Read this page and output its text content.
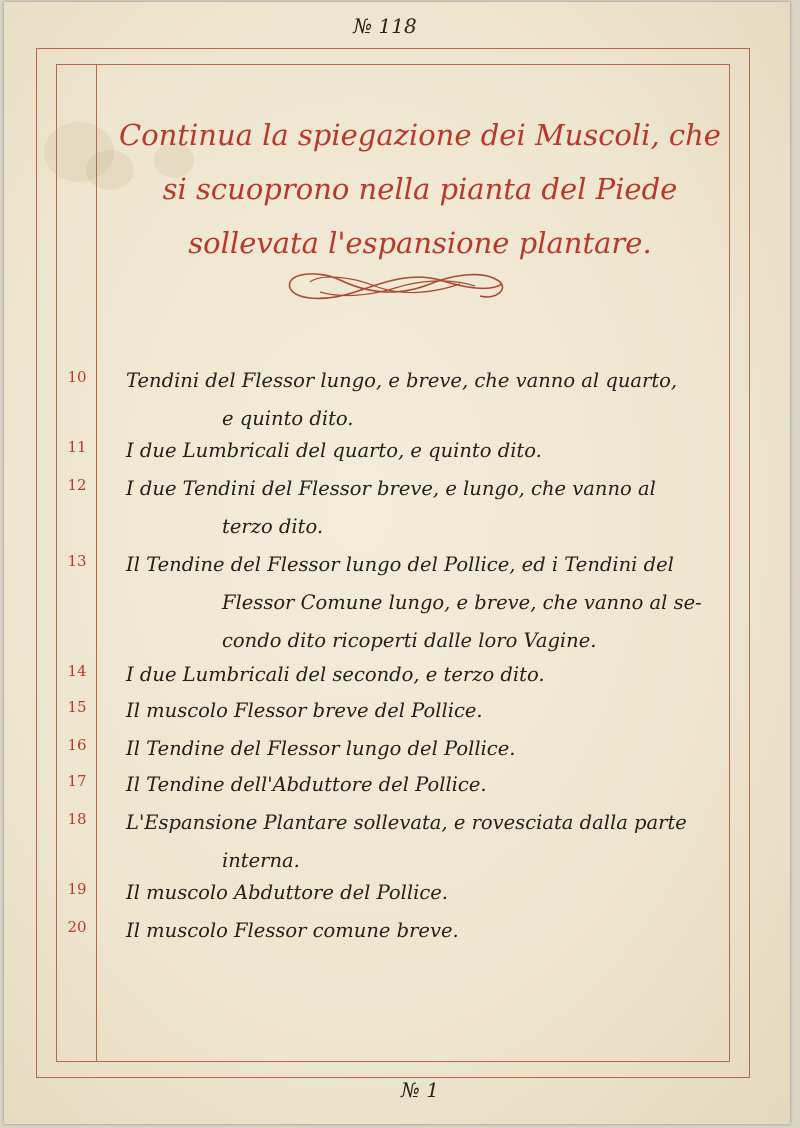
№ 118
Continua la spiegazione dei Muscoli, che
si scuoprono nella pianta del Piede
sollevata l'espansione plantare.
10 Tendini del Flessor lungo, e breve, che vanno al quarto,
e quinto dito.
11 I due Lumbricali del quarto, e quinto dito.
12 I due Tendini del Flessor breve, e lungo, che vanno al
terzo dito.
13 Il Tendine del Flessor lungo del Pollice, ed i Tendini del
Flessor Comune lungo, e breve, che vanno al se-
condo dito ricoperti dalle loro Vagine.
14 I due Lumbricali del secondo, e terzo dito.
15 Il muscolo Flessor breve del Pollice.
16 Il Tendine del Flessor lungo del Pollice.
17 Il Tendine dell'Abduttore del Pollice.
18 L'Espansione Plantare sollevata, e rovesciata dalla parte
interna.
19 Il muscolo Abduttore del Pollice.
20 Il muscolo Flessor comune breve.
№ 1
